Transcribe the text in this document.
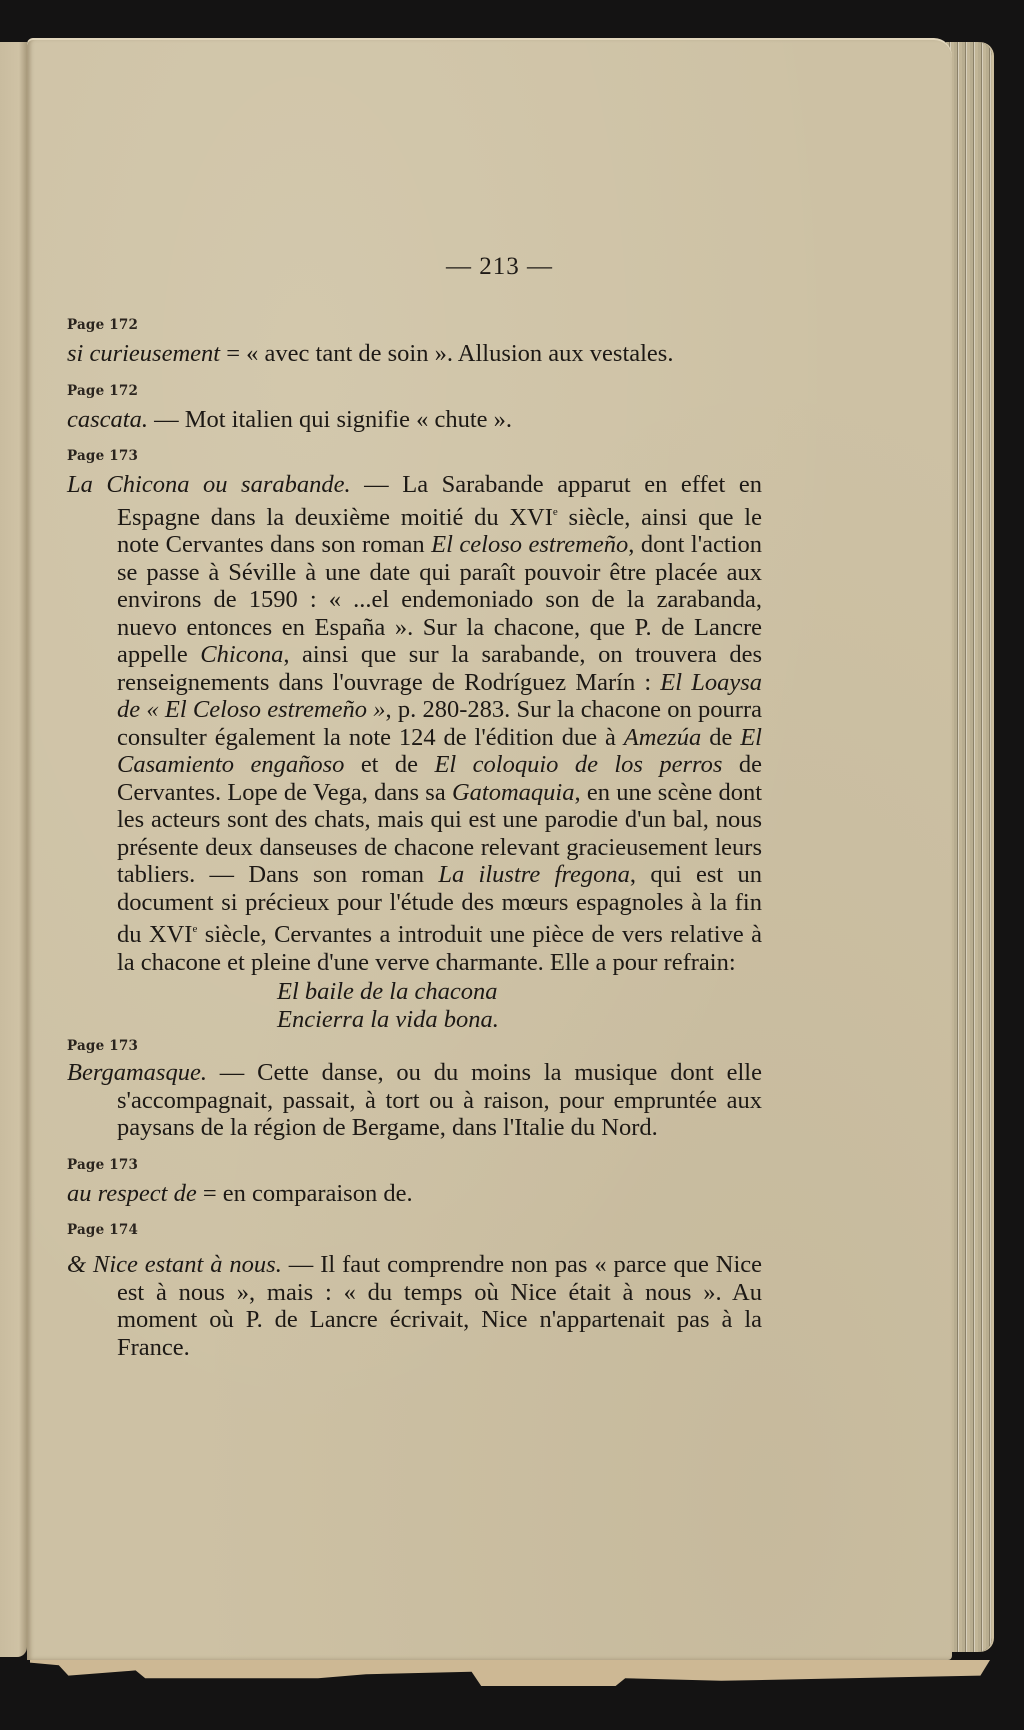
— 213 —

Page 172

si curieusement = « avec tant de soin ». Allusion aux vestales.

Page 172

cascata. — Mot italien qui signifie « chute ».

Page 173

La Chicona ou sarabande. — La Sarabande apparut en effet en Espagne dans la deuxième moitié du XVIe siècle, ainsi que le note Cervantes dans son roman El celoso estremeño, dont l'action se passe à Séville à une date qui paraît pouvoir être placée aux environs de 1590 : « ...el endemoniado son de la zarabanda, nuevo entonces en España ». Sur la chacone, que P. de Lancre appelle Chicona, ainsi que sur la sarabande, on trouvera des renseignements dans l'ouvrage de Rodríguez Marín : El Loaysa de « El Celoso estremeño », p. 280-283. Sur la chacone on pourra consulter également la note 124 de l'édition due à Amezúa de El Casamiento engañoso et de El coloquio de los perros de Cervantes. Lope de Vega, dans sa Gatomaquia, en une scène dont les acteurs sont des chats, mais qui est une parodie d'un bal, nous présente deux danseuses de chacone relevant gracieusement leurs tabliers. — Dans son roman La ilustre fregona, qui est un document si précieux pour l'étude des mœurs espagnoles à la fin du XVIe siècle, Cervantes a introduit une pièce de vers relative à la chacone et pleine d'une verve charmante. Elle a pour refrain:

El baile de la chacona

Encierra la vida bona.

Page 173

Bergamasque. — Cette danse, ou du moins la musique dont elle s'accompagnait, passait, à tort ou à raison, pour empruntée aux paysans de la région de Bergame, dans l'Italie du Nord.

Page 173

au respect de = en comparaison de.

Page 174

& Nice estant à nous. — Il faut comprendre non pas « parce que Nice est à nous », mais : « du temps où Nice était à nous ». Au moment où P. de Lancre écrivait, Nice n'appartenait pas à la France.
